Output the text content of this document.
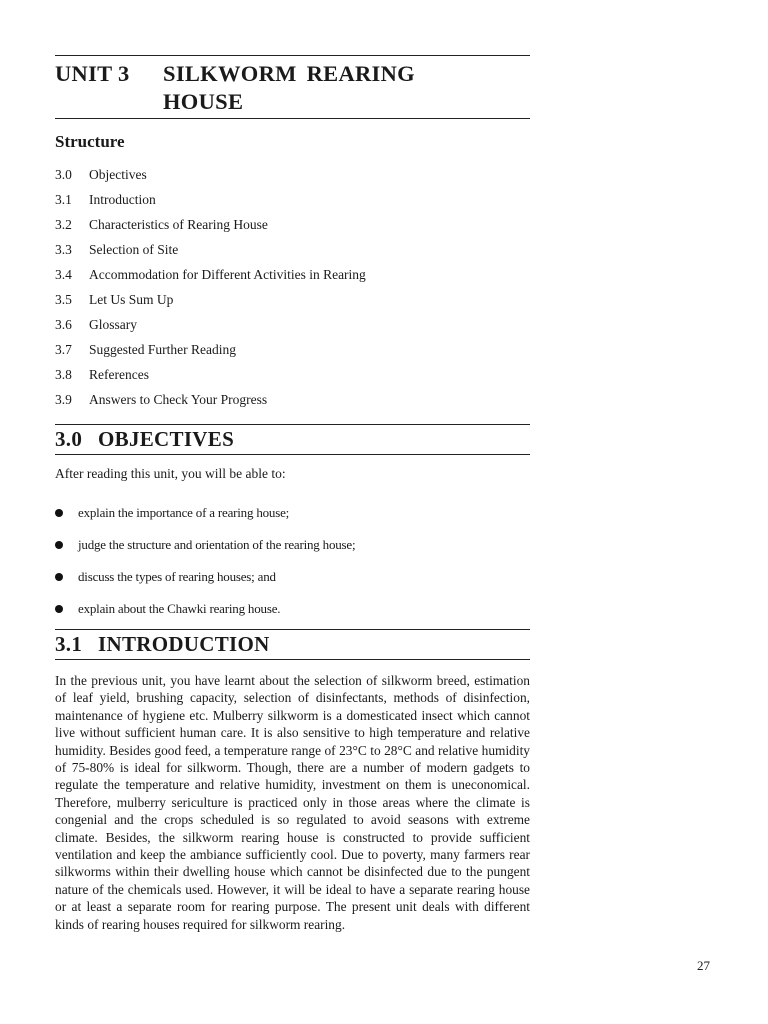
UNIT 3	SILKWORM REARING
HOUSE
Structure
3.0	Objectives
3.1	Introduction
3.2	Characteristics of Rearing House
3.3	Selection of Site
3.4	Accommodation for Different Activities in Rearing
3.5	Let Us Sum Up
3.6	Glossary
3.7	Suggested Further Reading
3.8	References
3.9	Answers to Check Your Progress
3.0 OBJECTIVES
After reading this unit, you will be able to:
explain the importance of a rearing house;
judge the structure and orientation of the rearing house;
discuss the types of rearing houses; and
explain about the Chawki rearing house.
3.1 INTRODUCTION

In the previous unit, you have learnt about the selection of silkworm breed, estimation of leaf yield, brushing capacity, selection of disinfectants, methods of disinfection, maintenance of hygiene etc. Mulberry silkworm is a domesticated insect which cannot live without sufficient human care. It is also sensitive to high temperature and relative humidity. Besides good feed, a temperature range of 23°C to 28°C and relative humidity of 75-80% is ideal for silkworm. Though, there are a number of modern gadgets to regulate the temperature and relative humidity, investment on them is uneconomical. Therefore, mulberry sericulture is practiced only in those areas where the climate is congenial and the crops scheduled is so regulated to avoid seasons with extreme climate. Besides, the silkworm rearing house is constructed to provide sufficient ventilation and keep the ambiance sufficiently cool. Due to poverty, many farmers rear silkworms within their dwelling house which cannot be disinfected due to the pungent nature of the chemicals used. However, it will be ideal to have a separate rearing house or at least a separate room for rearing purpose. The present unit deals with different kinds of rearing houses required for silkworm rearing.

27
